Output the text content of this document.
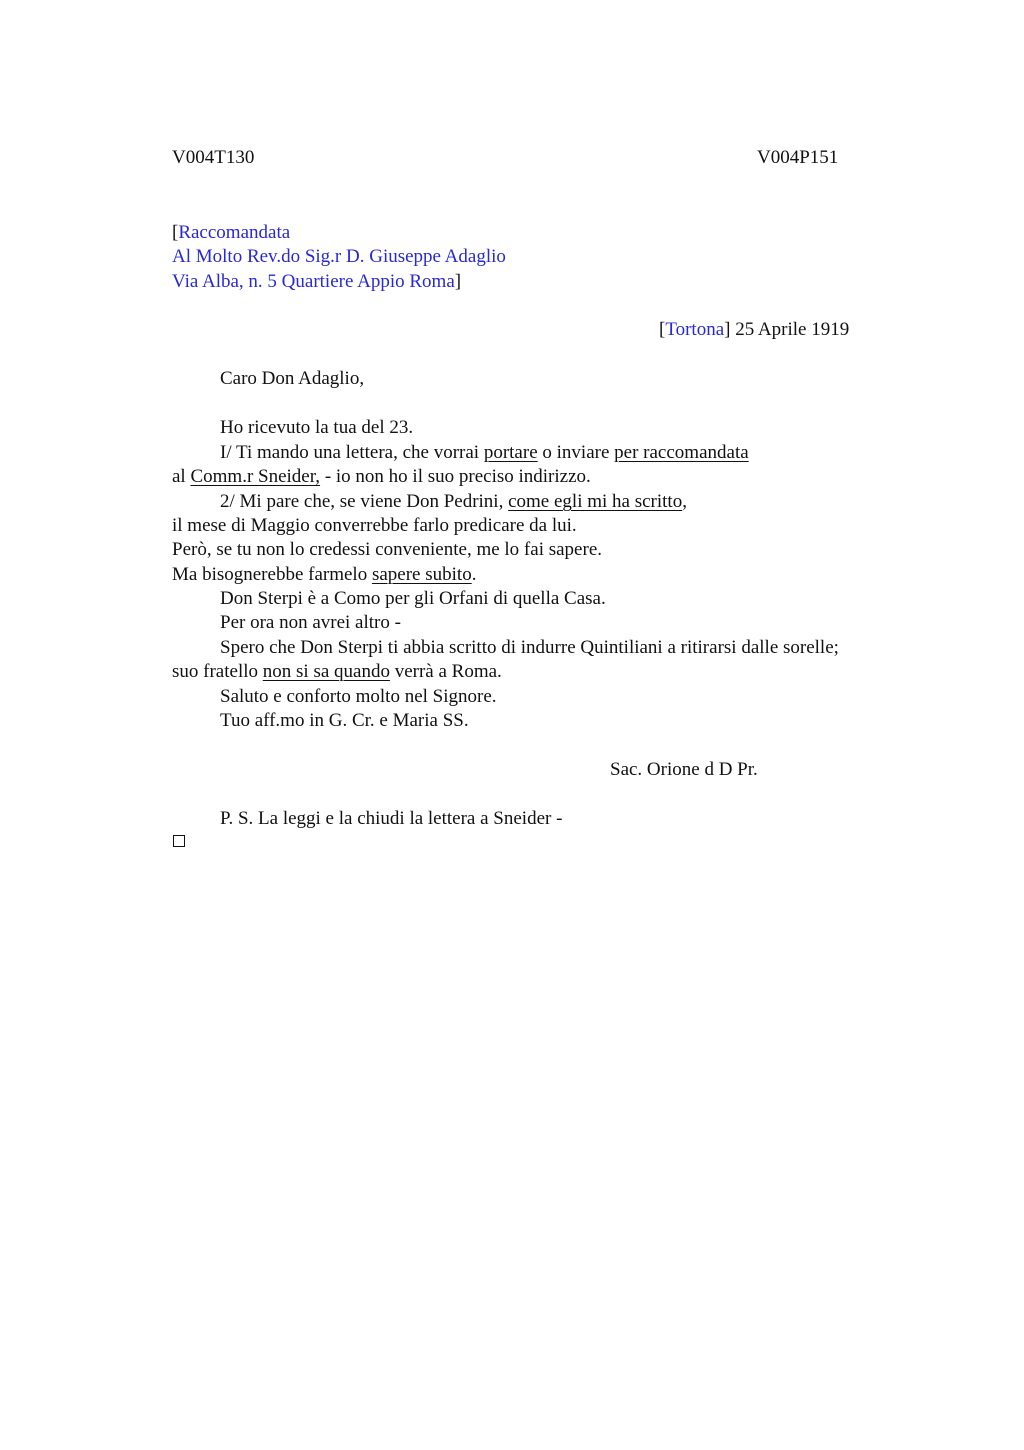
V004T130	V004P151
[Raccomandata
Al Molto Rev.do Sig.r D. Giuseppe Adaglio
Via Alba, n. 5 Quartiere Appio Roma]
[Tortona] 25 Aprile 1919
Caro Don Adaglio,
Ho ricevuto la tua del 23.
I/ Ti mando una lettera, che vorrai portare o inviare per raccomandata
al Comm.r Sneider, - io non ho il suo preciso indirizzo.
2/ Mi pare che, se viene Don Pedrini, come egli mi ha scritto,
il mese di Maggio converrebbe farlo predicare da lui.
Però, se tu non lo credessi conveniente, me lo fai sapere.
Ma bisognerebbe farmelo sapere subito.
Don Sterpi è a Como per gli Orfani di quella Casa.
Per ora non avrei altro -
Spero che Don Sterpi ti abbia scritto di indurre Quintiliani a ritirarsi dalle sorelle;
suo fratello non si sa quando verrà a Roma.
Saluto e conforto molto nel Signore.
Tuo aff.mo in G. Cr. e Maria SS.
Sac. Orione d D Pr.
P. S. La leggi e la chiudi la lettera a Sneider -
